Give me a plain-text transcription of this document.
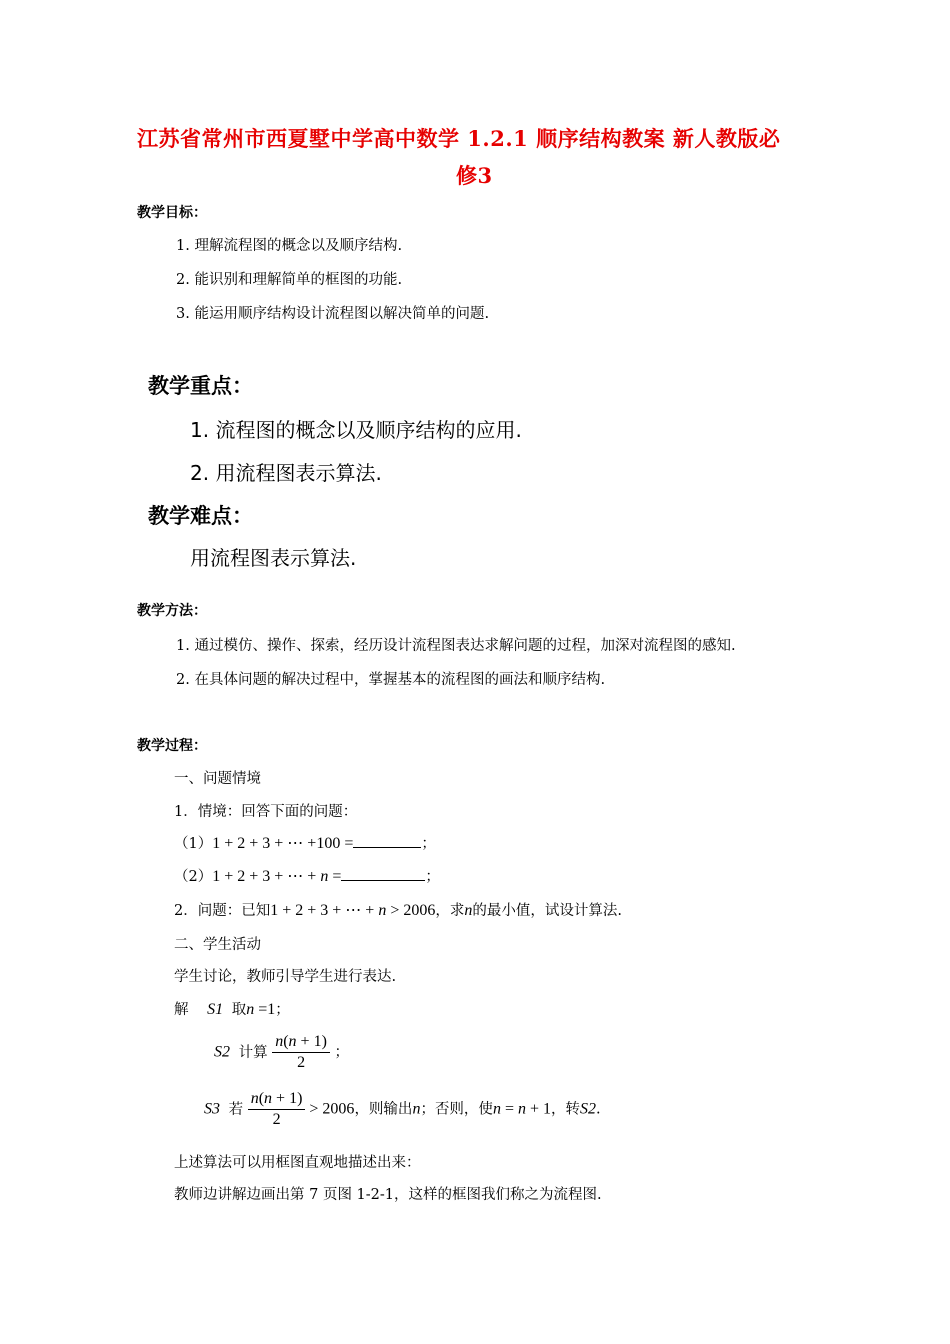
江苏省常州市西夏墅中学高中数学 1.2.1 顺序结构教案 新人教版必
修3
教学目标：
1. 理解流程图的概念以及顺序结构.
2. 能识别和理解简单的框图的功能.
3. 能运用顺序结构设计流程图以解决简单的问题.
教学重点：
1. 流程图的概念以及顺序结构的应用.
2. 用流程图表示算法.
教学难点：
用流程图表示算法.
教学方法：
1. 通过模仿、操作、探索，经历设计流程图表达求解问题的过程，加深对流程图的感知.
2. 在具体问题的解决过程中，掌握基本的流程图的画法和顺序结构.
教学过程：
一、问题情境
1．情境：回答下面的问题：
（1）1 + 2 + 3 + ⋯ +100 =	；
（2）1 + 2 + 3 + ⋯ + n =	；
2．问题：已知1 + 2 + 3 + ⋯ + n > 2006，求n的最小值，试设计算法.
二、学生活动
学生讨论，教师引导学生进行表达.
解 S1 取n =1；
S2 计算 $\frac{n(n + 1)}{2}$ ；
S3 若 $\frac{n(n + 1)}{2} > 2006$，则输出n；否则，使n = n + 1，转S2.
上述算法可以用框图直观地描述出来：
教师边讲解边画出第 7 页图 1-2-1，这样的框图我们称之为流程图.
